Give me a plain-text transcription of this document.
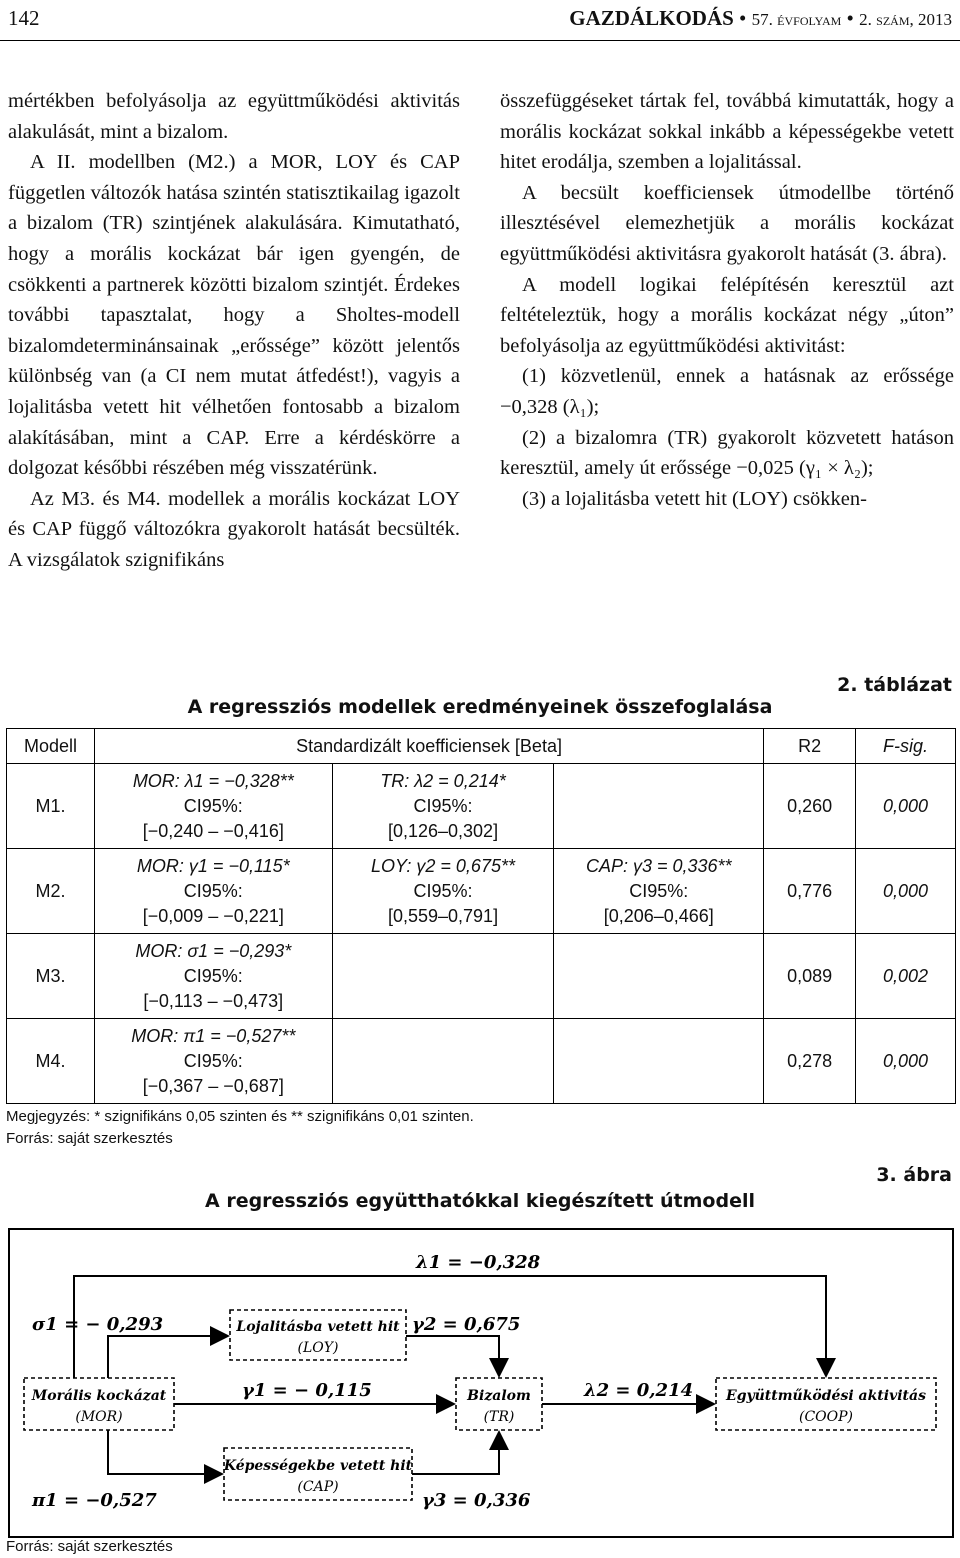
142	GAZDÁLKODÁS • 57. évfolyam • 2. szám, 2013

mértékben befolyásolja az együttműködési aktivitás alakulását, mint a bizalom.

A II. modellben (M2.) a MOR, LOY és CAP független változók hatása szintén statisztikailag igazolt a bizalom (TR) szintjének alakulására. Kimutatható, hogy a morális kockázat bár igen gyengén, de csökkenti a partnerek közötti bizalom szintjét. Érdekes további tapasztalat, hogy a Sholtes-modell bizalomdeterminánsainak „erőssége” között jelentős különbség van (a CI nem mutat átfedést!), vagyis a lojalitásba vetett hit vélhetően fontosabb a bizalom alakításában, mint a CAP. Erre a kérdéskörre a dolgozat későbbi részében még visszatérünk.

Az M3. és M4. modellek a morális kockázat LOY és CAP függő változókra gyakorolt hatását becsülték. A vizsgálatok szignifikáns

összefüggéseket tártak fel, továbbá kimutatták, hogy a morális kockázat sokkal inkább a képességekbe vetett hitet erodálja, szemben a lojalitással.

A becsült koefficiensek útmodellbe történő illesztésével elemezhetjük a morális kockázat együttműködési aktivitásra gyakorolt hatását (3. ábra).

A modell logikai felépítésén keresztül azt feltételeztük, hogy a morális kockázat négy „úton” befolyásolja az együttműködési aktivitást:

(1) közvetlenül, ennek a hatásnak az erőssége −0,328 (λ₁);

(2) a bizalomra (TR) gyakorolt közvetett hatáson keresztül, amely út erőssége −0,025 (γ₁ × λ₂);

(3) a lojalitásba vetett hit (LOY) csökken-

2. táblázat
A regressziós modellek eredményeinek összefoglalása
Modell	Standardizált koefficiensek [Beta]			R2	F-sig.
M1.	MOR: λ1 = −0,328**
CI95%:
[−0,240 – −0,416]	TR: λ2 = 0,214*
CI95%:
[0,126–0,302]		0,260	0,000
M2.	MOR: γ1 = −0,115*
CI95%:
[−0,009 – −0,221]	LOY: γ2 = 0,675**
CI95%:
[0,559–0,791]	CAP: γ3 = 0,336**
CI95%:
[0,206–0,466]	0,776	0,000
M3.	MOR: σ1 = −0,293*
CI95%:
[−0,113 – −0,473]			0,089	0,002
M4.	MOR: π1 = −0,527**
CI95%:
[−0,367 – −0,687]			0,278	0,000
Megjegyzés: * szignifikáns 0,05 szinten és ** szignifikáns 0,01 szinten.
Forrás: saját szerkesztés
3. ábra
A regressziós együtthatókkal kiegészített útmodell
Morális kockázat
(MOR)
Lojalitásba vetett hit
(LOY)
Bizalom
(TR)
Képességekbe vetett hit
(CAP)
Együttműködési aktivitás
(COOP)
λ1 = −0,328
σ1 = − 0,293	γ2 = 0,675
γ1 = − 0,115	λ2 = 0,214
π1 = −0,527	γ3 = 0,336
Forrás: saját szerkesztés
